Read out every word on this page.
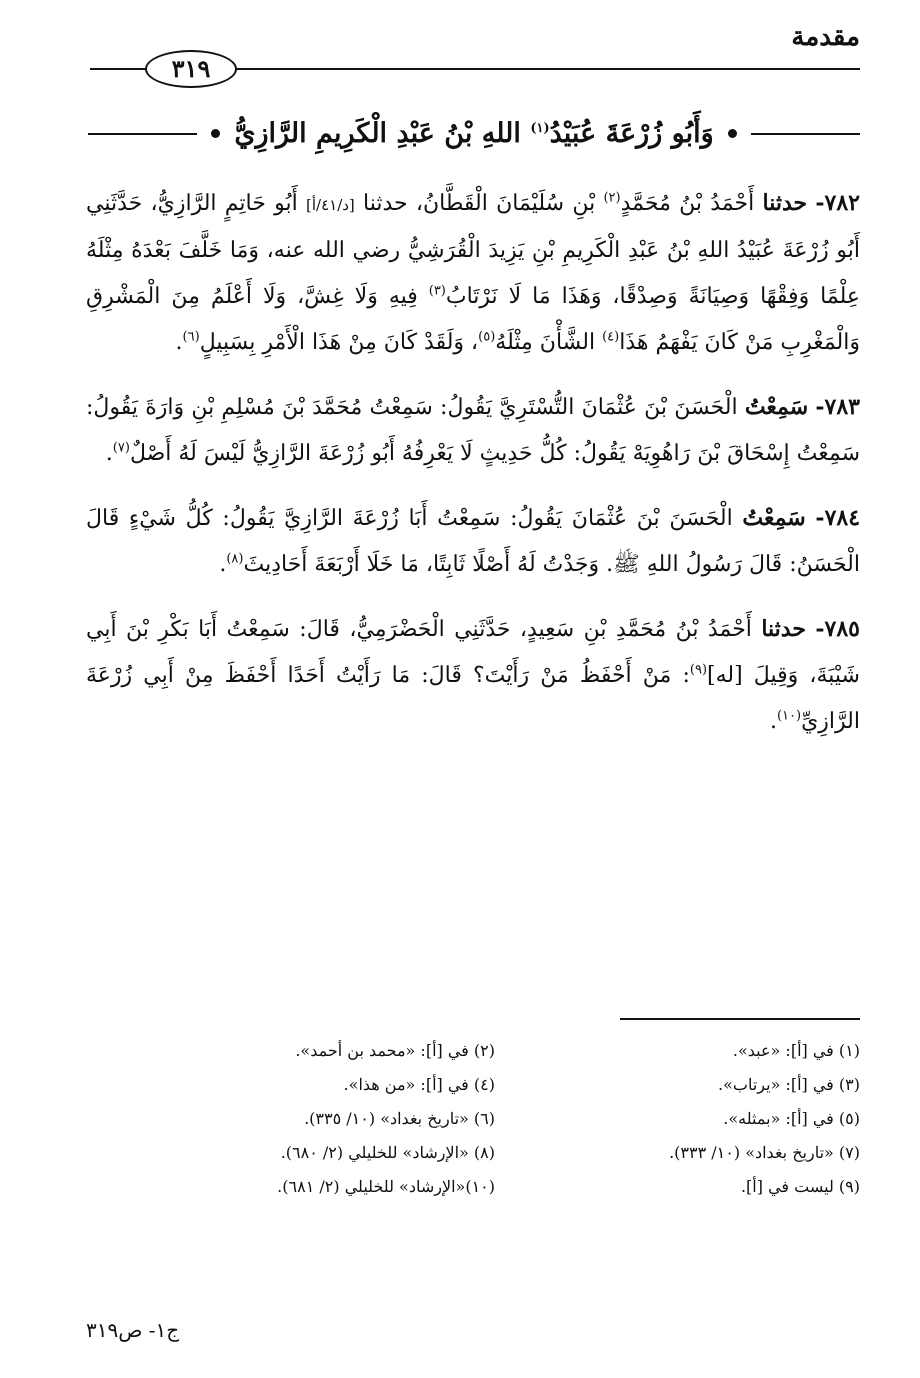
مقدمة
٣١٩
وَأَبُو زُرْعَةَ عُبَيْدُ$^{(١)}$ اللهِ بْنُ عَبْدِ الْكَرِيمِ الرَّازِيُّ

٧٨٢- حدثنا أَحْمَدُ بْنُ مُحَمَّدٍ$^{(٢)}$ بْنِ سُلَيْمَانَ الْقَطَّانُ، حدثنا [د/٤١/أ] أَبُو حَاتِمٍ الرَّازِيُّ، حَدَّثَنِي أَبُو زُرْعَةَ عُبَيْدُ اللهِ بْنُ عَبْدِ الْكَرِيمِ بْنِ يَزِيدَ الْقُرَشِيُّ رضي الله عنه، وَمَا خَلَّفَ بَعْدَهُ مِثْلَهُ عِلْمًا وَفِقْهًا وَصِيَانَةً وَصِدْقًا، وَهَذَا مَا لَا نَرْتَابُ$^{(٣)}$ فِيهِ وَلَا غِشَّ، وَلَا أَعْلَمُ مِنَ الْمَشْرِقِ وَالْمَغْرِبِ مَنْ كَانَ يَفْهَمُ هَذَا$^{(٤)}$ الشَّأْنَ مِثْلَهُ$^{(٥)}$، وَلَقَدْ كَانَ مِنْ هَذَا الْأَمْرِ بِسَبِيلٍ$^{(٦)}$.

٧٨٣- سَمِعْتُ الْحَسَنَ بْنَ عُثْمَانَ التُّسْتَرِيَّ يَقُولُ: سَمِعْتُ مُحَمَّدَ بْنَ مُسْلِمِ بْنِ وَارَةَ يَقُولُ: سَمِعْتُ إِسْحَاقَ بْنَ رَاهُوِيَهْ يَقُولُ: كُلُّ حَدِيثٍ لَا يَعْرِفُهُ أَبُو زُرْعَةَ الرَّازِيُّ لَيْسَ لَهُ أَصْلٌ$^{(٧)}$.

٧٨٤- سَمِعْتُ الْحَسَنَ بْنَ عُثْمَانَ يَقُولُ: سَمِعْتُ أَبَا زُرْعَةَ الرَّازِيَّ يَقُولُ: كُلُّ شَيْءٍ قَالَ الْحَسَنُ: قَالَ رَسُولُ اللهِ ﷺ. وَجَدْتُ لَهُ أَصْلًا ثَابِتًا، مَا خَلَا أَرْبَعَةَ أَحَادِيثَ$^{(٨)}$.

٧٨٥- حدثنا أَحْمَدُ بْنُ مُحَمَّدِ بْنِ سَعِيدٍ، حَدَّثَنِي الْحَضْرَمِيُّ، قَالَ: سَمِعْتُ أَبَا بَكْرِ بْنَ أَبِي شَيْبَةَ، وَقِيلَ [له]$^{(٩)}$: مَنْ أَحْفَظُ مَنْ رَأَيْتَ؟ قَالَ: مَا رَأَيْتُ أَحَدًا أَحْفَظَ مِنْ أَبِي زُرْعَةَ الرَّازِيِّ$^{(١٠)}$.

(١) في [أ]: «عبد».
(٢) في [أ]: «محمد بن أحمد».
(٣) في [أ]: «يرتاب».
(٤) في [أ]: «من هذا».
(٥) في [أ]: «بمثله».
(٦) «تاريخ بغداد» (١٠/ ٣٣٥).
(٧) «تاريخ بغداد» (١٠/ ٣٣٣).
(٨) «الإرشاد» للخليلي (٢/ ٦٨٠).
(٩) ليست في [أ].
(١٠)«الإرشاد» للخليلي (٢/ ٦٨١).
ج١- ص٣١٩
